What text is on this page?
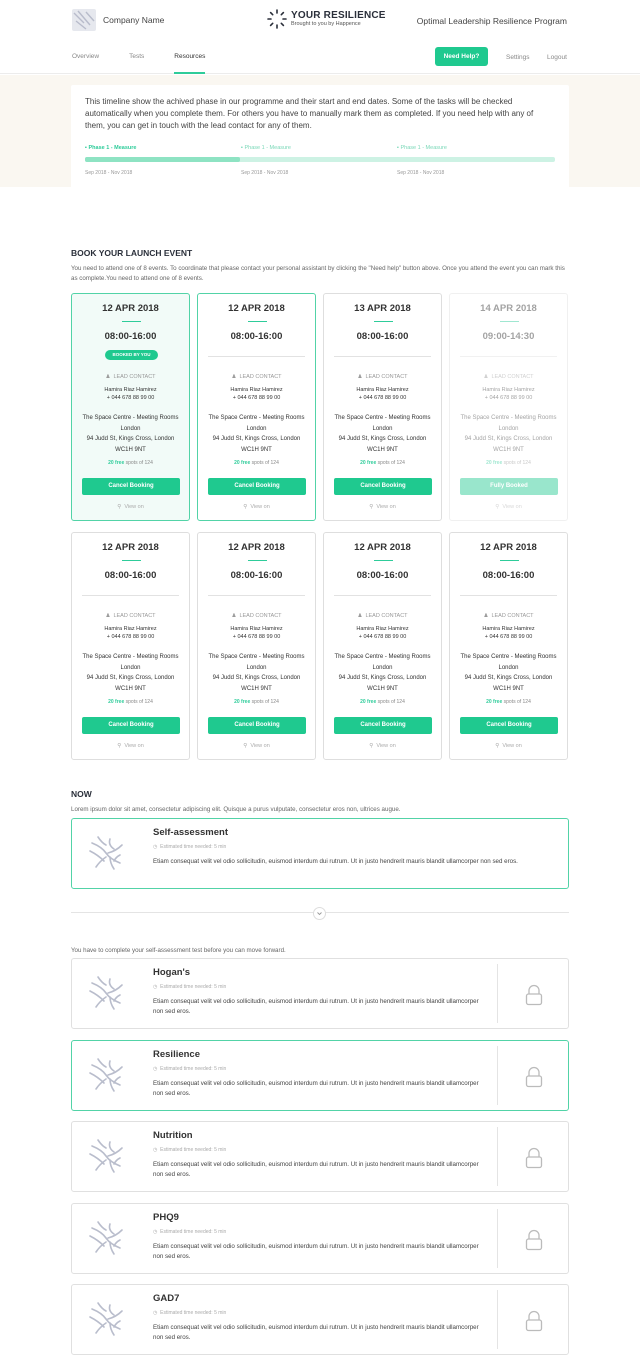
Company Name	YOUR RESILIENCE
Brought to you by Happence	Optimal Leadership Resilience Program
Overview	Tests	Resources	Need Help?	Settings	Logout
This timeline show the achived phase in our programme and their start and end dates. Some of the tasks will be checked automatically when you complete them. For others you have to manually mark them as completed. If you need help with any of them, you can get in touch with the lead contact for any of them.
▪ Phase 1 - Measure	▪ Phase 1 - Measure	▪ Phase 1 - Measure
Sep 2018 - Nov 2018	Sep 2018 - Nov 2018	Sep 2018 - Nov 2018
BOOK YOUR LAUNCH EVENT
You need to attend one of 8 events. To coordinate that please contact your personal assistant by clicking the "Need help" button above. Once you attend the event you can mark this as complete.You need to attend one of 8 events.
12 APR 2018
08:00-16:00
BOOKED BY YOU
♟ LEAD CONTACT
Hamira Riaz Hamirez
+ 044 678 88 99 00
The Space Centre - Meeting Rooms
London
94 Judd St, Kings Cross, London
WC1H 9NT
20 free spots of 124
Cancel Booking
⚲ View on
12 APR 2018
08:00-16:00
♟ LEAD CONTACT
Hamira Riaz Hamirez
+ 044 678 88 99 00
The Space Centre - Meeting Rooms
London
94 Judd St, Kings Cross, London
WC1H 9NT
20 free spots of 124
Cancel Booking
⚲ View on
13 APR 2018
08:00-16:00
♟ LEAD CONTACT
Hamira Riaz Hamirez
+ 044 678 88 99 00
The Space Centre - Meeting Rooms
London
94 Judd St, Kings Cross, London
WC1H 9NT
20 free spots of 124
Cancel Booking
⚲ View on
14 APR 2018
09:00-14:30
♟ LEAD CONTACT
Hamira Riaz Hamirez
+ 044 678 88 99 00
The Space Centre - Meeting Rooms
London
94 Judd St, Kings Cross, London
WC1H 9NT
20 free spots of 124
Fully Booked
⚲ View on
12 APR 2018
08:00-16:00
♟ LEAD CONTACT
Hamira Riaz Hamirez
+ 044 678 88 99 00
The Space Centre - Meeting Rooms
London
94 Judd St, Kings Cross, London
WC1H 9NT
20 free spots of 124
Cancel Booking
⚲ View on
12 APR 2018
08:00-16:00
♟ LEAD CONTACT
Hamira Riaz Hamirez
+ 044 678 88 99 00
The Space Centre - Meeting Rooms
London
94 Judd St, Kings Cross, London
WC1H 9NT
20 free spots of 124
Cancel Booking
⚲ View on
12 APR 2018
08:00-16:00
♟ LEAD CONTACT
Hamira Riaz Hamirez
+ 044 678 88 99 00
The Space Centre - Meeting Rooms
London
94 Judd St, Kings Cross, London
WC1H 9NT
20 free spots of 124
Cancel Booking
⚲ View on
12 APR 2018
08:00-16:00
♟ LEAD CONTACT
Hamira Riaz Hamirez
+ 044 678 88 99 00
The Space Centre - Meeting Rooms
London
94 Judd St, Kings Cross, London
WC1H 9NT
20 free spots of 124
Cancel Booking
⚲ View on
NOW
Lorem ipsum dolor sit amet, consectetur adipiscing elit. Quisque a purus vulputate, consectetur eros non, ultrices augue.
Self-assessment
◷ Estimated time needed: 5 min
Etiam consequat velit vel odio sollicitudin, euismod interdum dui rutrum. Ut in justo hendrerit mauris blandit ullamcorper non sed eros.
You have to complete your self-assessment test before you can move forward.
Hogan's
◷ Estimated time needed: 5 min
Etiam consequat velit vel odio sollicitudin, euismod interdum dui rutrum. Ut in justo hendrerit mauris blandit ullamcorper non sed eros.
Resilience
◷ Estimated time needed: 5 min
Etiam consequat velit vel odio sollicitudin, euismod interdum dui rutrum. Ut in justo hendrerit mauris blandit ullamcorper non sed eros.
Nutrition
◷ Estimated time needed: 5 min
Etiam consequat velit vel odio sollicitudin, euismod interdum dui rutrum. Ut in justo hendrerit mauris blandit ullamcorper non sed eros.
PHQ9
◷ Estimated time needed: 5 min
Etiam consequat velit vel odio sollicitudin, euismod interdum dui rutrum. Ut in justo hendrerit mauris blandit ullamcorper non sed eros.
GAD7
◷ Estimated time needed: 5 min
Etiam consequat velit vel odio sollicitudin, euismod interdum dui rutrum. Ut in justo hendrerit mauris blandit ullamcorper non sed eros.
